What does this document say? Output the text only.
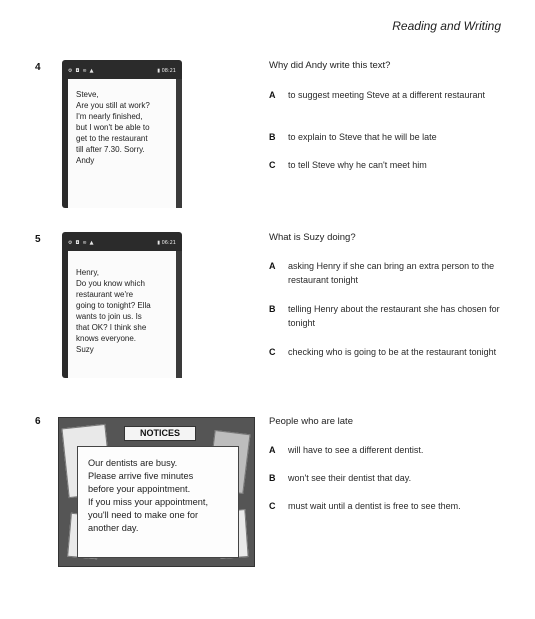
Reading and Writing
4	⚙ ◘ ≋ ▲	▮ 08:21
Steve,
Are you still at work?
I'm nearly finished,
but I won't be able to
get to the restaurant
till after 7.30. Sorry.
Andy
Why did Andy write this text?
A	to suggest meeting Steve at a different restaurant
B	to explain to Steve that he will be late
C	to tell Steve why he can't meet him
5	⚙ ◘ ≋ ▲	▮ 06:21
Henry,
Do you know which
restaurant we're
going to tonight? Ella
wants to join us. Is
that OK? I think she
knows everyone.
Suzy
What is Suzy doing?
A	asking Henry if she can bring an extra person to the restaurant tonight
B	telling Henry about the restaurant she has chosen for tonight
C	checking who is going to be at the restaurant tonight
6
NOTICES
Our dentists are busy.
Please arrive five minutes
before your appointment.
If you miss your appointment,
you'll need to make one for
another day.
People who are late
A	will have to see a different dentist.
B	won't see their dentist that day.
C	must wait until a dentist is free to see them.
